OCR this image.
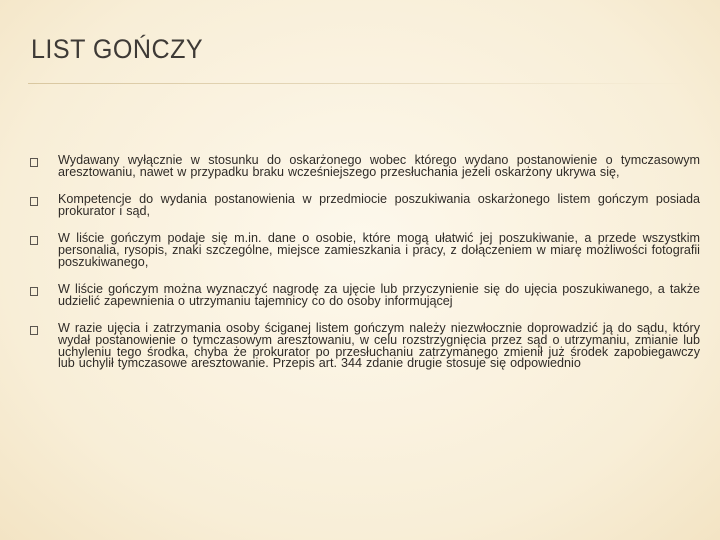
LIST GOŃCZY
Wydawany wyłącznie w stosunku do oskarżonego wobec którego wydano postanowienie o tymczasowym aresztowaniu, nawet w przypadku braku wcześniejszego przesłuchania jeżeli oskarżony ukrywa się,
Kompetencje do wydania postanowienia w przedmiocie poszukiwania oskarżonego listem gończym posiada prokurator i sąd,
W liście gończym podaje się m.in. dane o osobie, które mogą ułatwić jej poszukiwanie, a przede wszystkim personalia, rysopis, znaki szczególne, miejsce zamieszkania i pracy, z dołączeniem w miarę możliwości fotografii poszukiwanego,
W liście gończym można wyznaczyć nagrodę za ujęcie lub przyczynienie się do ujęcia poszukiwanego, a także udzielić zapewnienia o utrzymaniu tajemnicy co do osoby informującej
W razie ujęcia i zatrzymania osoby ściganej listem gończym należy niezwłocznie doprowadzić ją do sądu, który wydał postanowienie o tymczasowym aresztowaniu, w celu rozstrzygnięcia przez sąd o utrzymaniu, zmianie lub uchyleniu tego środka, chyba że prokurator po przesłuchaniu zatrzymanego zmienił już środek zapobiegawczy lub uchylił tymczasowe aresztowanie. Przepis art. 344 zdanie drugie stosuje się odpowiednio
